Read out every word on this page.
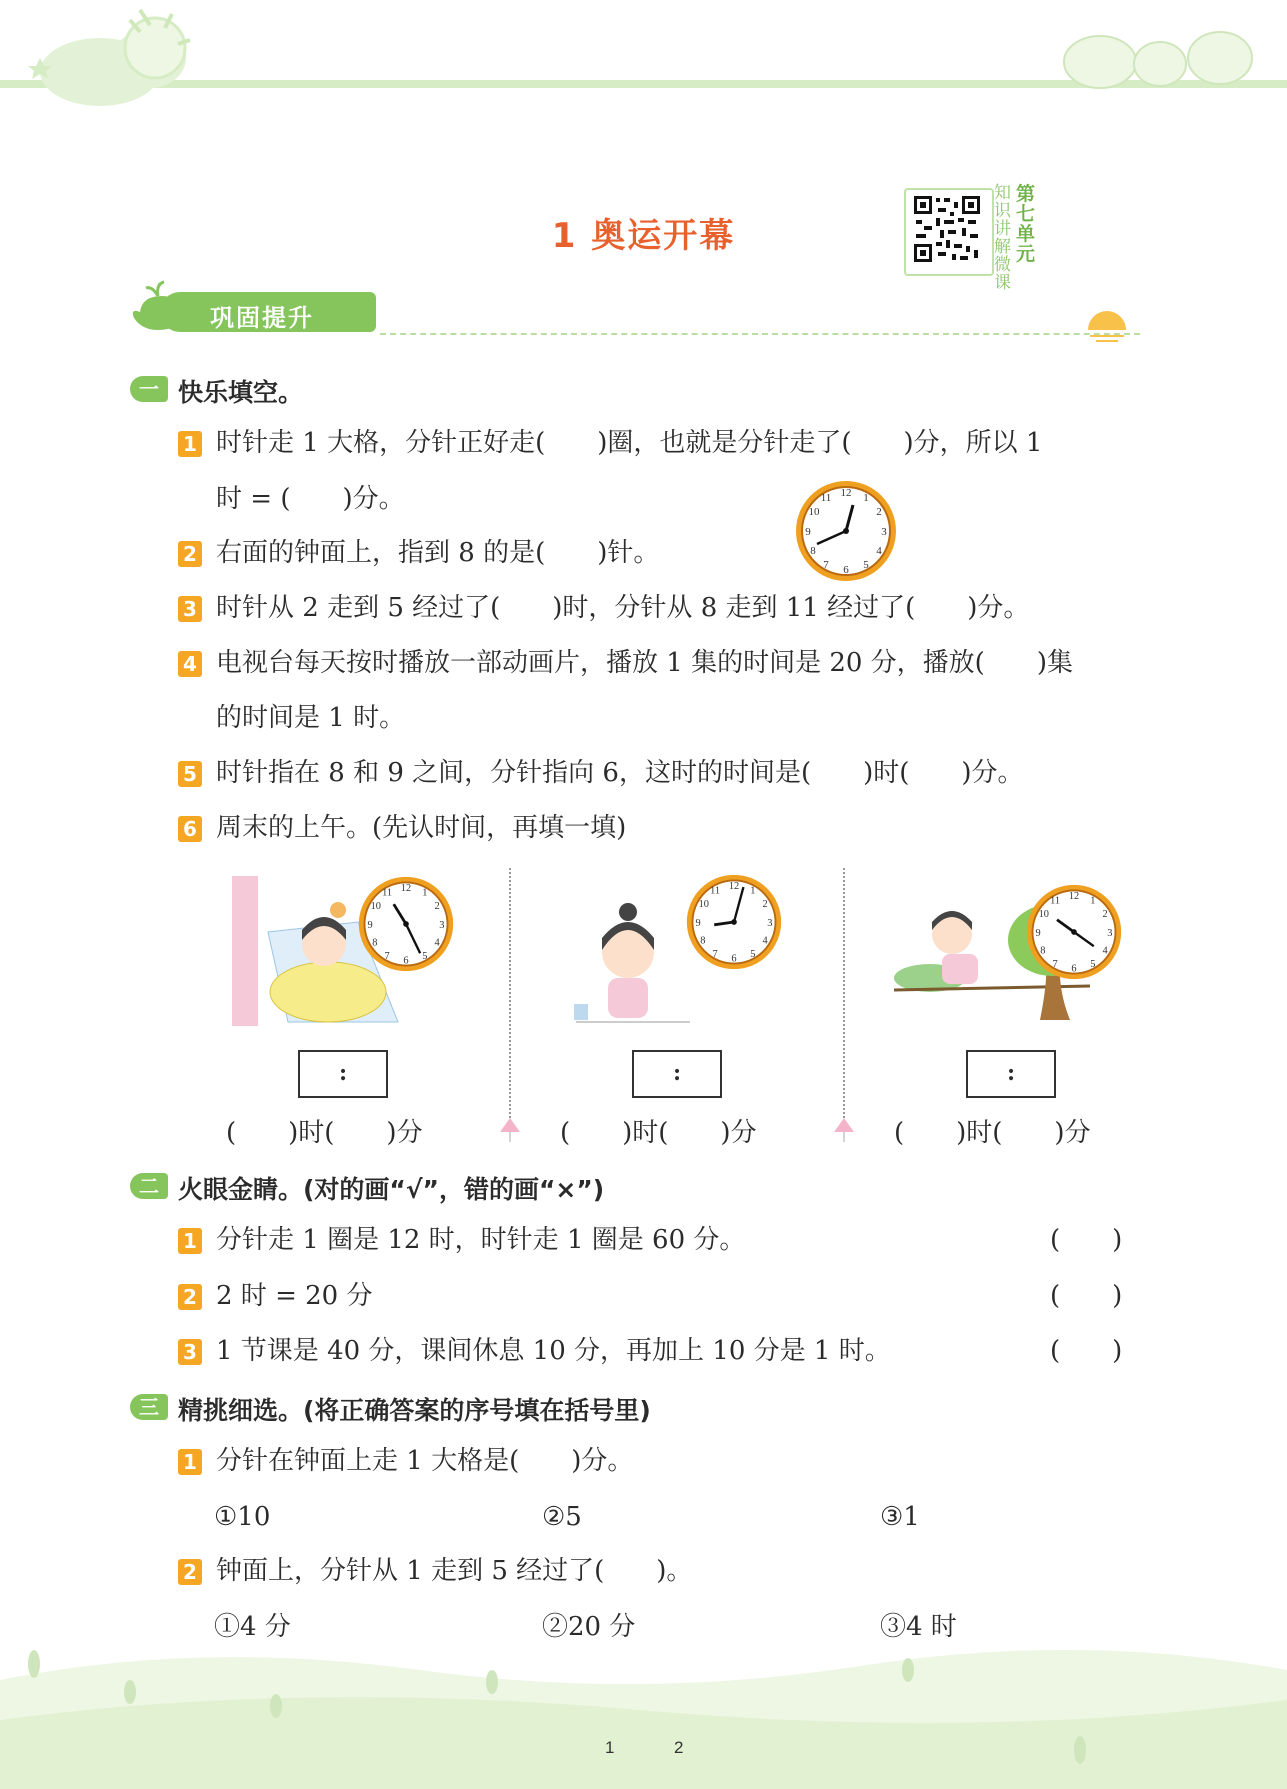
1 奥运开幕
第
七
单
元
知
识
讲
解
微
课
巩固提升
一 快乐填空。
1 时针走 1 大格，分针正好走(　　)圈，也就是分针走了(　　)分，所以 1
时 = (　　)分。
2 右面的钟面上，指到 8 的是(　　)针。
12 1
2
3
4
5
6
7
8
9
10
11
3 时针从 2 走到 5 经过了(　　)时，分针从 8 走到 11 经过了(　　)分。
4 电视台每天按时播放一部动画片，播放 1 集的时间是 20 分，播放(　　)集
的时间是 1 时。
5 时针指在 8 和 9 之间，分针指向 6，这时的时间是(　　)时(　　)分。
6 周末的上午。(先认时间，再填一填)
12 1
2
3
4
5
6
7
8
9
10
11
12 1
2
3
4
5
6
7
8
9
10
11	12 1
2
3
4
5
6
7
8
9
10
11
:	:	:
(　　)时(　　)分	(　　)时(　　)分	(　　)时(　　)分
二 火眼金睛。(对的画“√”，错的画“×”)
1 分针走 1 圈是 12 时，时针走 1 圈是 60 分。	(　　)
2 2 时 = 20 分	(　　)
3 1 节课是 40 分，课间休息 10 分，再加上 10 分是 1 时。	(　　)
三 精挑细选。(将正确答案的序号填在括号里)
1 分针在钟面上走 1 大格是(　　)分。
①10	②5	③1
2 钟面上，分针从 1 走到 5 经过了(　　)。
①4 分	②20 分	③4 时
1	2
